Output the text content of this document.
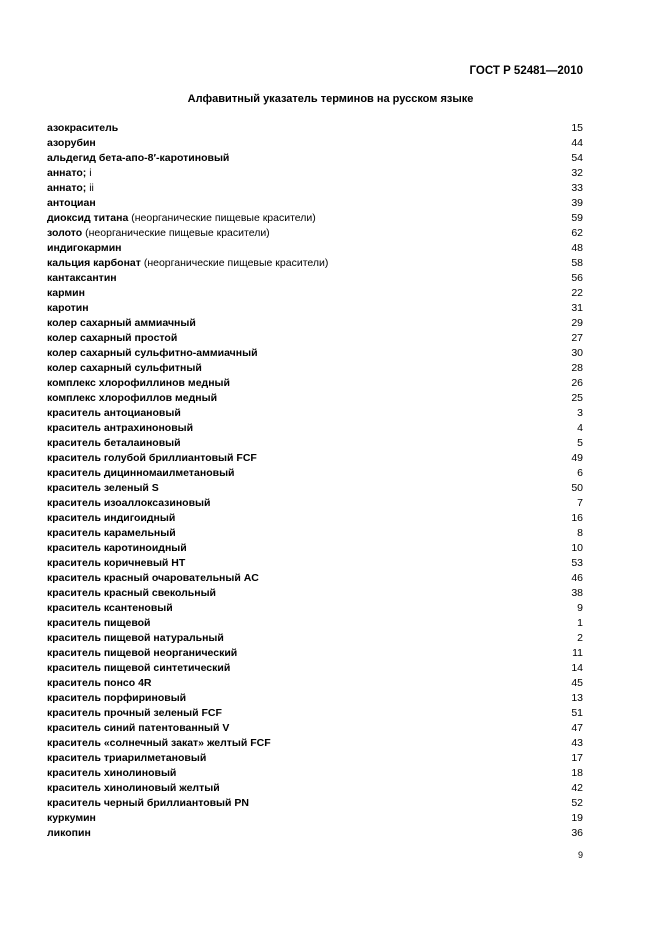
ГОСТ Р 52481—2010
Алфавитный указатель терминов на русском языке
азокраситель	15
азорубин	44
альдегид бета-апо-8′-каротиновый	54
аннато; i	32
аннато; ii	33
антоциан	39
диоксид титана (неорганические пищевые красители)	59
золото (неорганические пищевые красители)	62
индигокармин	48
кальция карбонат (неорганические пищевые красители)	58
кантаксантин	56
кармин	22
каротин	31
колер сахарный аммиачный	29
колер сахарный простой	27
колер сахарный сульфитно-аммиачный	30
колер сахарный сульфитный	28
комплекс хлорофиллинов медный	26
комплекс хлорофиллов медный	25
краситель антоциановый	3
краситель антрахиноновый	4
краситель беталаиновый	5
краситель голубой бриллиантовый FCF	49
краситель дицинномаилметановый	6
краситель зеленый S	50
краситель изоаллоксазиновый	7
краситель индигоидный	16
краситель карамельный	8
краситель каротиноидный	10
краситель коричневый HT	53
краситель красный очаровательный AC	46
краситель красный свекольный	38
краситель ксантеновый	9
краситель пищевой	1
краситель пищевой натуральный	2
краситель пищевой неорганический	11
краситель пищевой синтетический	14
краситель понсо 4R	45
краситель порфириновый	13
краситель прочный зеленый FCF	51
краситель синий патентованный V	47
краситель «солнечный закат» желтый FCF	43
краситель триарилметановый	17
краситель хинолиновый	18
краситель хинолиновый желтый	42
краситель черный бриллиантовый PN	52
куркумин	19
ликопин	36
9
